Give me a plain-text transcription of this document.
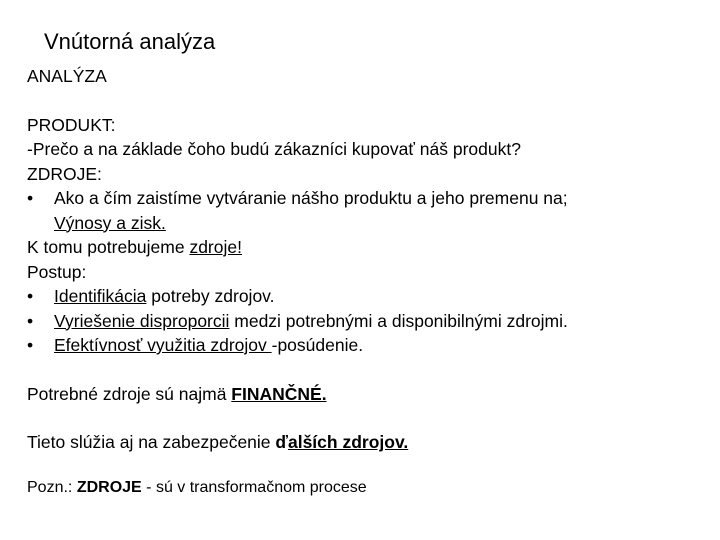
Vnútorná analýza
ANALÝZA
PRODUKT:
-Prečo a na základe čoho budú zákazníci kupovať náš produkt?
ZDROJE:
•	Ako a čím zaistíme vytváranie nášho produktu a jeho premenu na;
Výnosy a zisk.
K tomu potrebujeme zdroje!
Postup:
•	Identifikácia potreby zdrojov.
•	Vyriešenie disproporcii medzi potrebnými a disponibilnými zdrojmi.
•	Efektívnosť využitia zdrojov -posúdenie.
Potrebné zdroje sú najmä FINANČNÉ.
Tieto slúžia aj na zabezpečenie ďalších zdrojov.
Pozn.: ZDROJE - sú v transformačnom procese
